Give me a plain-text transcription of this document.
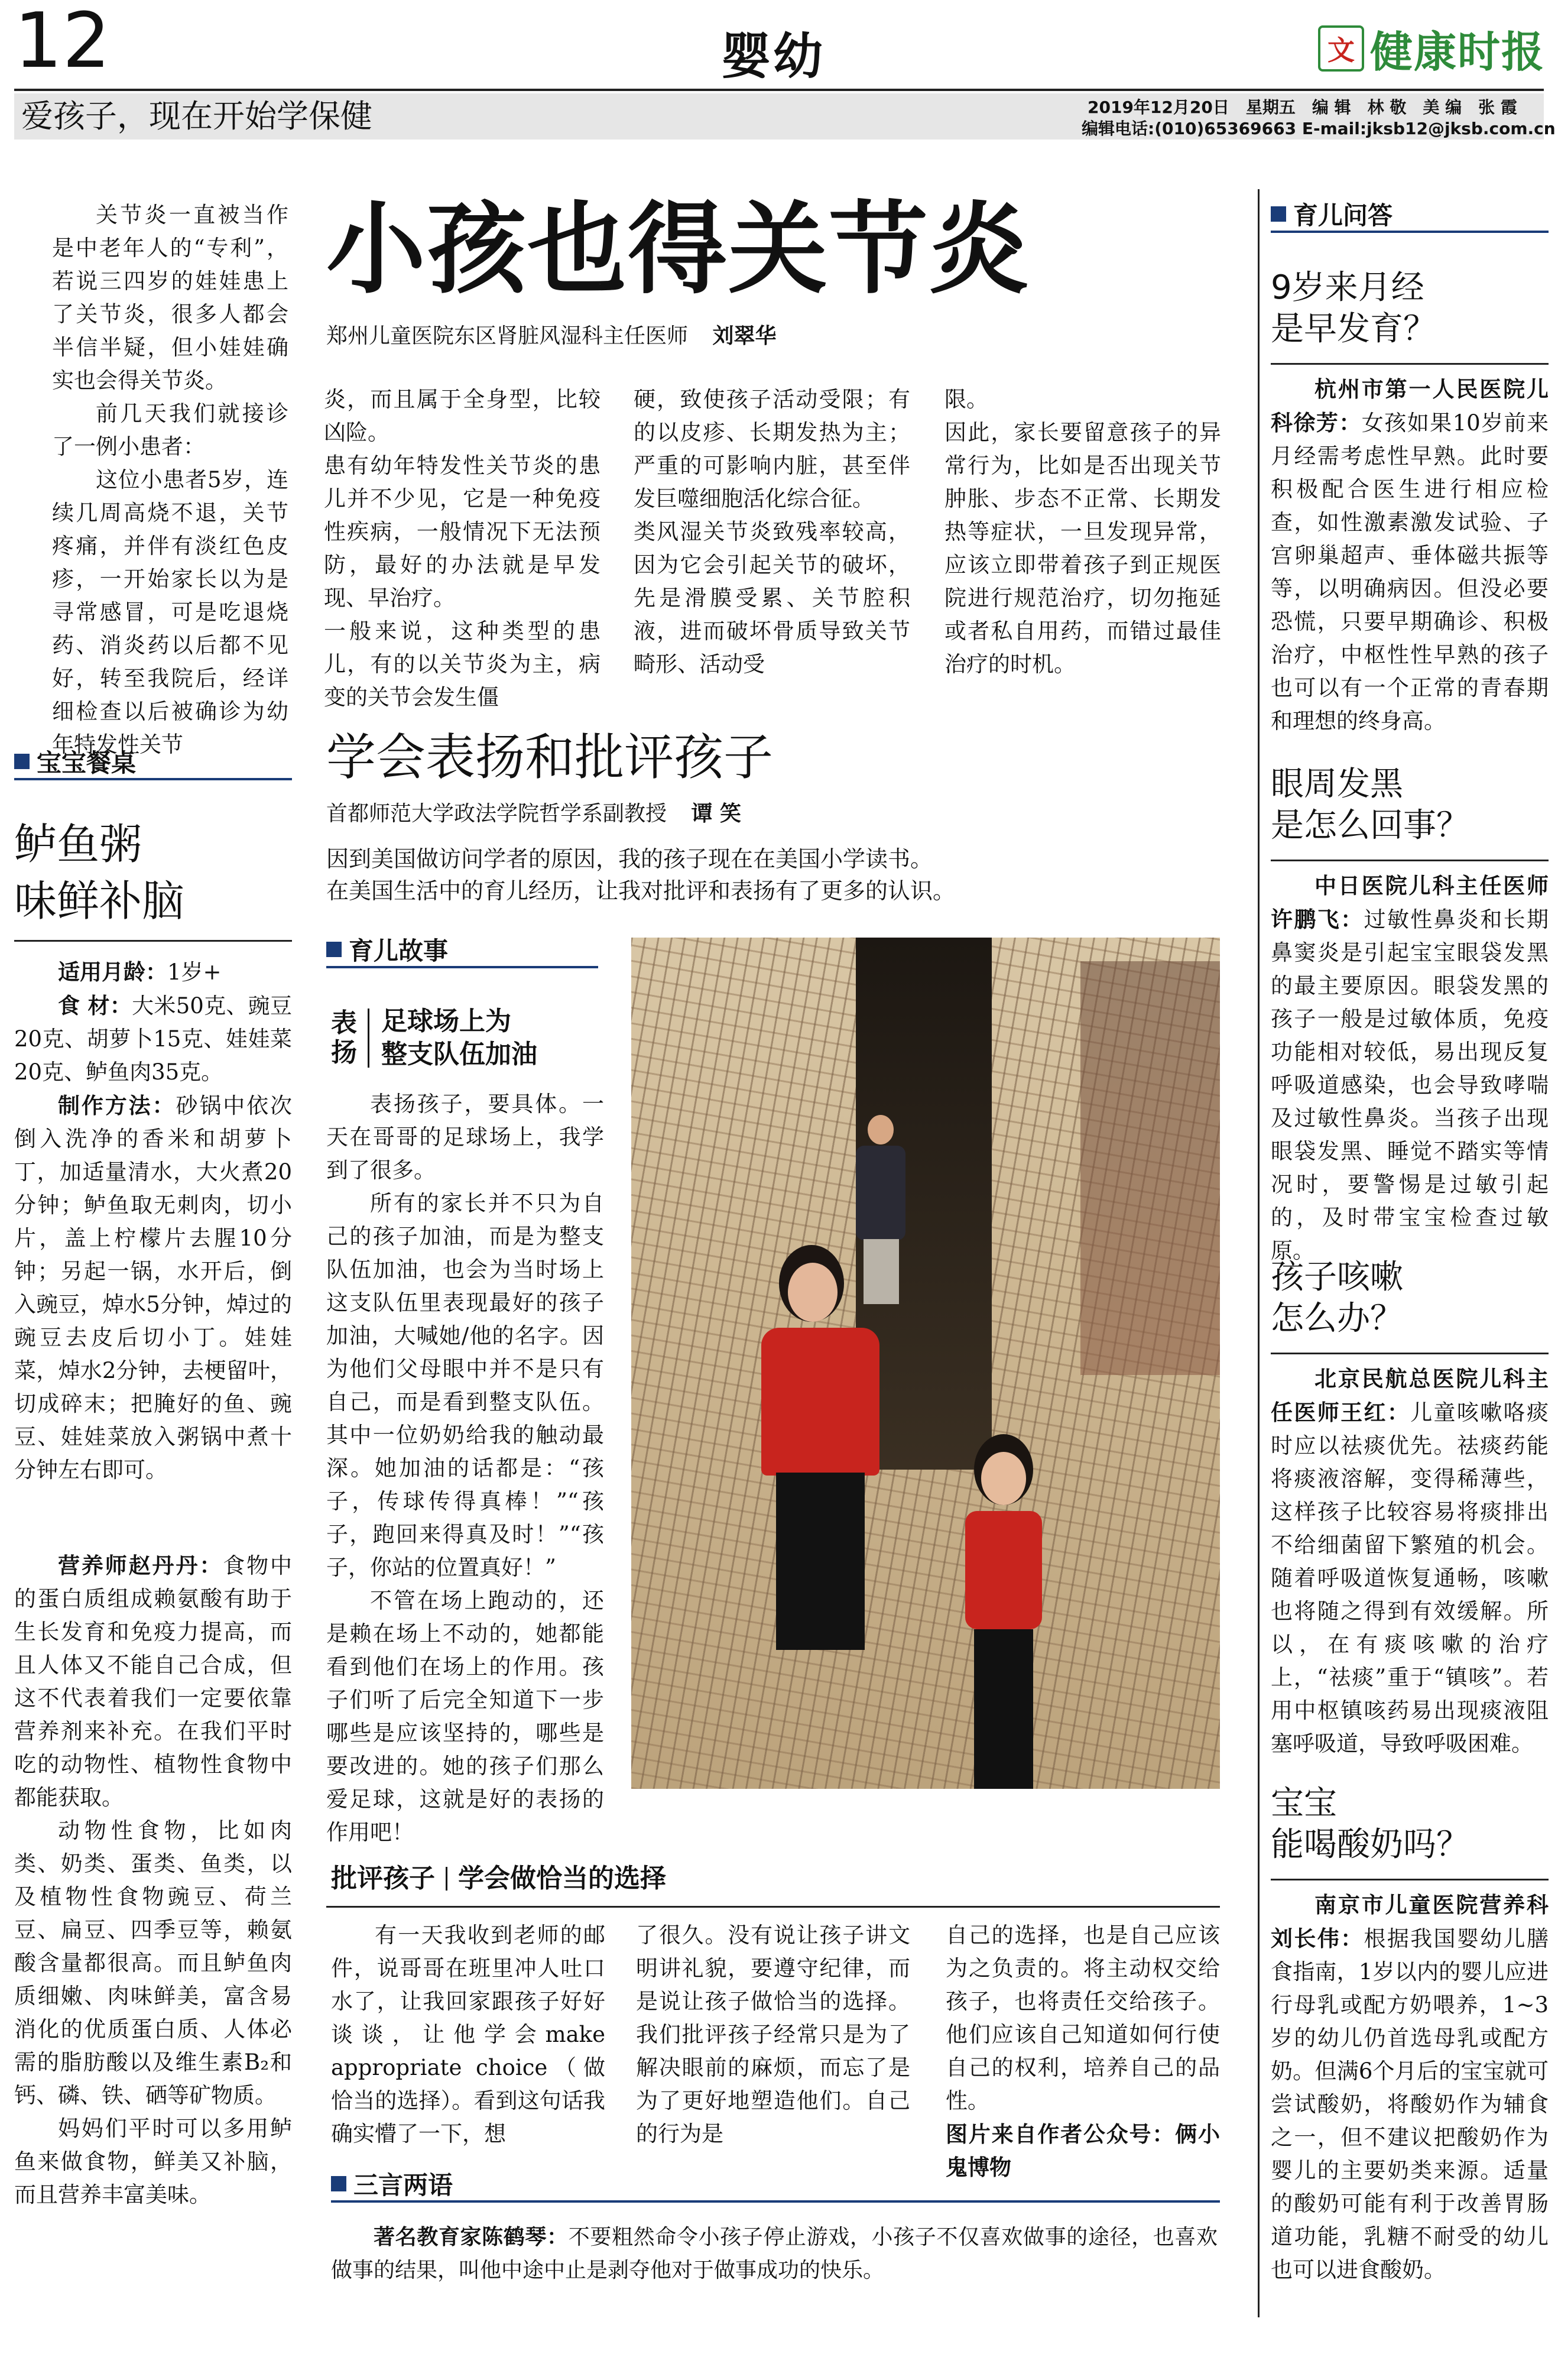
12	婴幼	文 健康时报
爱孩子，现在开始学保健	2019年12月20日　星期五　编 辑　林 敬　美 编　张 霞
编辑电话:(010)65369663 E-mail:jksb12@jksb.com.cn

关节炎一直被当作是中老年人的“专利”，若说三四岁的娃娃患上了关节炎，很多人都会半信半疑，但小娃娃确实也会得关节炎。

前几天我们就接诊了一例小患者：

这位小患者5岁，连续几周高烧不退，关节疼痛，并伴有淡红色皮疹，一开始家长以为是寻常感冒，可是吃退烧药、消炎药以后都不见好，转至我院后，经详细检查以后被确诊为幼年特发性关节

小孩也得关节炎
郑州儿童医院东区肾脏风湿科主任医师 刘翠华
炎，而且属于全身型，比较凶险。
患有幼年特发性关节炎的患儿并不少见，它是一种免疫性疾病，一般情况下无法预防，最好的办法就是早发现、早治疗。
一般来说，这种类型的患儿，有的以关节炎为主，病变的关节会发生僵
硬，致使孩子活动受限；有的以皮疹、长期发热为主；严重的可影响内脏，甚至伴发巨噬细胞活化综合征。
类风湿关节炎致残率较高，因为它会引起关节的破坏，先是滑膜受累、关节腔积液，进而破坏骨质导致关节畸形、活动受
限。
因此，家长要留意孩子的异常行为，比如是否出现关节肿胀、步态不正常、长期发热等症状，一旦发现异常，应该立即带着孩子到正规医院进行规范治疗，切勿拖延或者私自用药，而错过最佳治疗的时机。
宝宝餐桌
鲈鱼粥
味鲜补脑

适用月龄：1岁+

食 材：大米50克、豌豆20克、胡萝卜15克、娃娃菜20克、鲈鱼肉35克。

制作方法：砂锅中依次倒入洗净的香米和胡萝卜丁，加适量清水，大火煮20分钟；鲈鱼取无刺肉，切小片，盖上柠檬片去腥10分钟；另起一锅，水开后，倒入豌豆，焯水5分钟，焯过的豌豆去皮后切小丁。娃娃菜，焯水2分钟，去梗留叶，切成碎末；把腌好的鱼、豌豆、娃娃菜放入粥锅中煮十分钟左右即可。

营养师赵丹丹：食物中的蛋白质组成赖氨酸有助于生长发育和免疫力提高，而且人体又不能自己合成，但这不代表着我们一定要依靠营养剂来补充。在我们平时吃的动物性、植物性食物中都能获取。

动物性食物，比如肉类、奶类、蛋类、鱼类，以及植物性食物豌豆、荷兰豆、扁豆、四季豆等，赖氨酸含量都很高。而且鲈鱼肉质细嫩、肉味鲜美，富含易消化的优质蛋白质、人体必需的脂肪酸以及维生素B₂和钙、磷、铁、硒等矿物质。

妈妈们平时可以多用鲈鱼来做食物，鲜美又补脑，而且营养丰富美味。

学会表扬和批评孩子
首都师范大学政法学院哲学系副教授 谭 笑
因到美国做访问学者的原因，我的孩子现在在美国小学读书。
在美国生活中的育儿经历，让我对批评和表扬有了更多的认识。
育儿故事
表扬
足球场上为
整支队伍加油

表扬孩子，要具体。一天在哥哥的足球场上，我学到了很多。

所有的家长并不只为自己的孩子加油，而是为整支队伍加油，也会为当时场上这支队伍里表现最好的孩子加油，大喊她/他的名字。因为他们父母眼中并不是只有自己，而是看到整支队伍。其中一位奶奶给我的触动最深。她加油的话都是：“孩子，传球传得真棒！”“孩子，跑回来得真及时！”“孩子，你站的位置真好！”

不管在场上跑动的，还是赖在场上不动的，她都能看到他们在场上的作用。孩子们听了后完全知道下一步哪些是应该坚持的，哪些是要改进的。她的孩子们那么爱足球，这就是好的表扬的作用吧！

批评孩子 学会做恰当的选择

有一天我收到老师的邮件，说哥哥在班里冲人吐口水了，让我回家跟孩子好好谈谈，让他学会make appropriate choice（做恰当的选择）。看到这句话我确实懵了一下，想

了很久。没有说让孩子讲文明讲礼貌，要遵守纪律，而是说让孩子做恰当的选择。我们批评孩子经常只是为了解决眼前的麻烦，而忘了是为了更好地塑造他们。自己的行为是

自己的选择，也是自己应该为之负责的。将主动权交给孩子，也将责任交给孩子。他们应该自己知道如何行使自己的权利，培养自己的品性。

图片来自作者公众号：俩小鬼博物

三言两语

著名教育家陈鹤琴：不要粗然命令小孩子停止游戏，小孩子不仅喜欢做事的途径，也喜欢做事的结果，叫他中途中止是剥夺他对于做事成功的快乐。

育儿问答
9岁来月经
是早发育？

杭州市第一人民医院儿科徐芳：女孩如果10岁前来月经需考虑性早熟。此时要积极配合医生进行相应检查，如性激素激发试验、子宫卵巢超声、垂体磁共振等等，以明确病因。但没必要恐慌，只要早期确诊、积极治疗，中枢性性早熟的孩子也可以有一个正常的青春期和理想的终身高。

眼周发黑
是怎么回事？

中日医院儿科主任医师许鹏飞：过敏性鼻炎和长期鼻窦炎是引起宝宝眼袋发黑的最主要原因。眼袋发黑的孩子一般是过敏体质，免疫功能相对较低，易出现反复呼吸道感染，也会导致哮喘及过敏性鼻炎。当孩子出现眼袋发黑、睡觉不踏实等情况时，要警惕是过敏引起的，及时带宝宝检查过敏原。

孩子咳嗽
怎么办？

北京民航总医院儿科主任医师王红：儿童咳嗽咯痰时应以祛痰优先。祛痰药能将痰液溶解，变得稀薄些，这样孩子比较容易将痰排出不给细菌留下繁殖的机会。随着呼吸道恢复通畅，咳嗽也将随之得到有效缓解。所以，在有痰咳嗽的治疗上，“祛痰”重于“镇咳”。若用中枢镇咳药易出现痰液阻塞呼吸道，导致呼吸困难。

宝宝
能喝酸奶吗？

南京市儿童医院营养科刘长伟：根据我国婴幼儿膳食指南，1岁以内的婴儿应进行母乳或配方奶喂养，1~3岁的幼儿仍首选母乳或配方奶。但满6个月后的宝宝就可尝试酸奶，将酸奶作为辅食之一，但不建议把酸奶作为婴儿的主要奶类来源。适量的酸奶可能有利于改善胃肠道功能，乳糖不耐受的幼儿也可以进食酸奶。
